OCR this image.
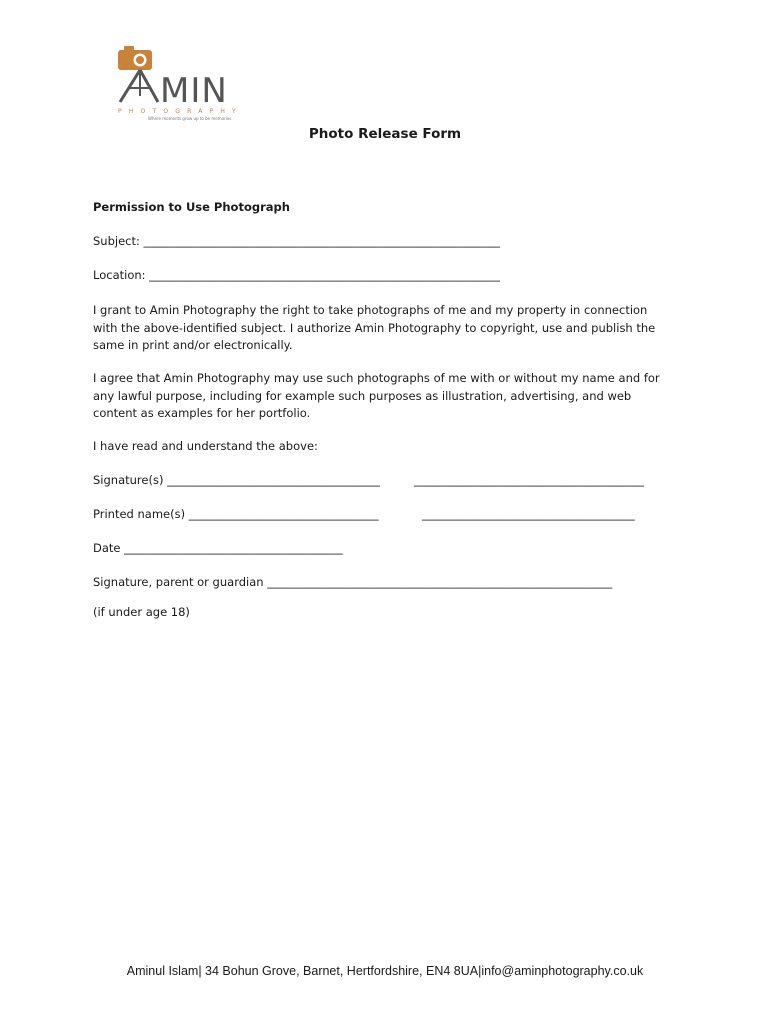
MIN
PHOTOGRAPHY
Where moments grow up to be memories
Photo Release Form
Permission to Use Photograph
Subject: ______________________________________________________________
Location: _____________________________________________________________
I grant to Amin Photography the right to take photographs of me and my property in connection with the above-identified subject. I authorize Amin Photography to copyright, use and publish the same in print and/or electronically.
I agree that Amin Photography may use such photographs of me with or without my name and for any lawful purpose, including for example such purposes as illustration, advertising, and web content as examples for her portfolio.
I have read and understand the above:
Signature(s) _____________________________________	________________________________________
Printed name(s) _________________________________	_____________________________________
Date ______________________________________
Signature, parent or guardian ____________________________________________________________
(if under age 18)
Aminul Islam| 34 Bohun Grove, Barnet, Hertfordshire, EN4 8UA|info@aminphotography.co.uk
